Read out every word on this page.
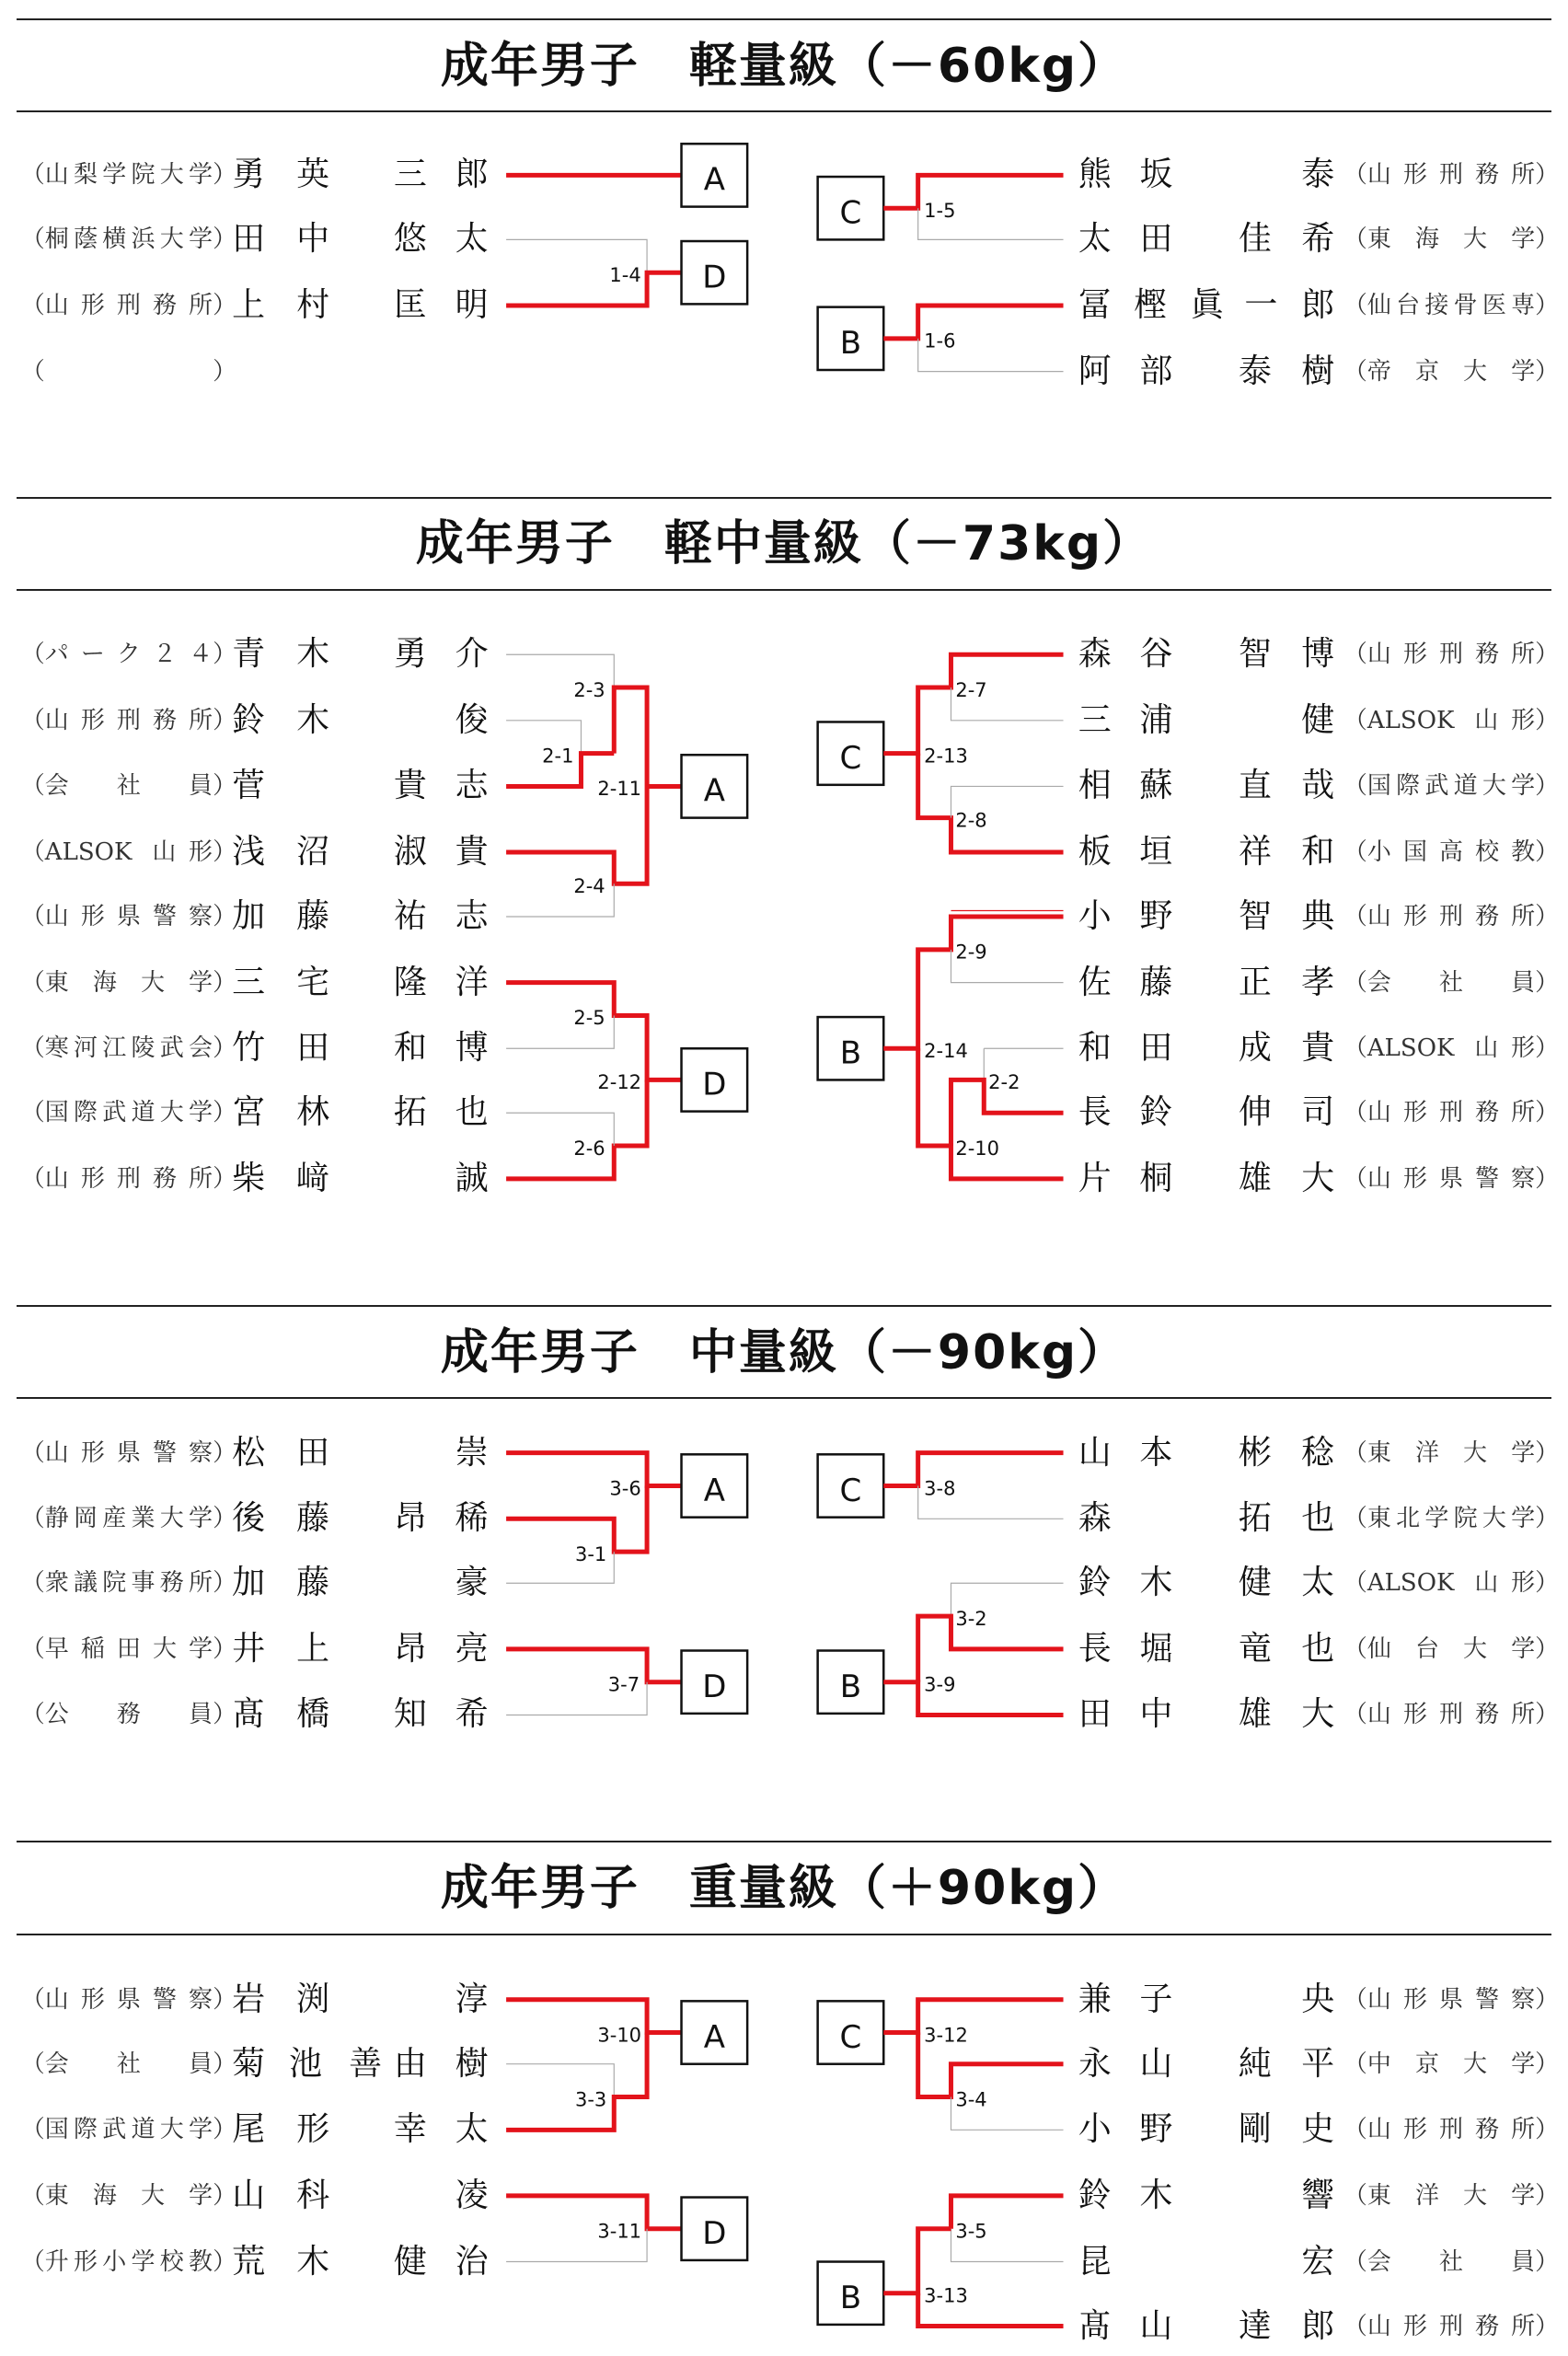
A
1-4 D
C	1-5
B	1-6
2-1
2-3
2-11 A
2-4
2-5
2-12 D
2-6
C
2-7
2-13
2-8
B
2-9
2-14
2-2
2-10
3-6
3-1
A
3-7 D
C	3-8
3-2
B	3-9
3-10
3-3
A
3-11 D
C	3-12
3-4
3-5
B	3-13
成年男子　軽量級（－60kg）
（山梨学院大学）
勇 英 三 郎
（桐蔭横浜大学）
田 中 悠 太
（山形刑務所）
上 村 匡 明
（	）
熊 坂	泰 （山形刑務所）
太 田 佳 希 （東海大学）
冨 樫 眞 一 郎 （仙台接骨医専）
阿 部 泰 樹 （帝京大学）
成年男子　軽中量級（－73kg）
（パーク２４）
青 木 勇 介
（山形刑務所）
鈴 木	俊
（会社員）
菅	貴 志
（ALSOK 山形）
浅 沼 淑 貴
（山形県警察）
加 藤 祐 志
（東海大学）
三 宅 隆 洋
（寒河江陵武会）
竹 田 和 博
（国際武道大学）
宮 林 拓 也
（山形刑務所）
柴 﨑	誠
森 谷 智 博 （山形刑務所）
三 浦	健 （ALSOK 山形）
相 蘇 直 哉 （国際武道大学）
板 垣 祥 和 （小国高校教）
小 野 智 典 （山形刑務所）
佐 藤 正 孝 （会社員）
和 田 成 貴 （ALSOK 山形）
長 鈴 伸 司 （山形刑務所）
片 桐 雄 大 （山形県警察）
成年男子　中量級（－90kg）
（山形県警察）
松 田	崇
（静岡産業大学）
後 藤 昂 稀
（衆議院事務所）
加 藤	豪
（早稲田大学）
井 上 昂 亮
（公務員）
髙 橋 知 希
山 本 彬 稔 （東洋大学）
森	拓 也 （東北学院大学）
鈴 木 健 太 （ALSOK 山形）
長 堀 竜 也 （仙台大学）
田 中 雄 大 （山形刑務所）
成年男子　重量級（＋90kg）
（山形県警察）
岩 渕	淳
（会社員）
菊 池 善 由 樹
（国際武道大学）
尾 形 幸 太
（東海大学）
山 科	凌
（升形小学校教）
荒 木 健 治
兼 子	央 （山形県警察）
永 山 純 平 （中京大学）
小 野 剛 史 （山形刑務所）
鈴 木	響 （東洋大学）
昆	宏 （会社員）
髙 山 達 郎 （山形刑務所）
